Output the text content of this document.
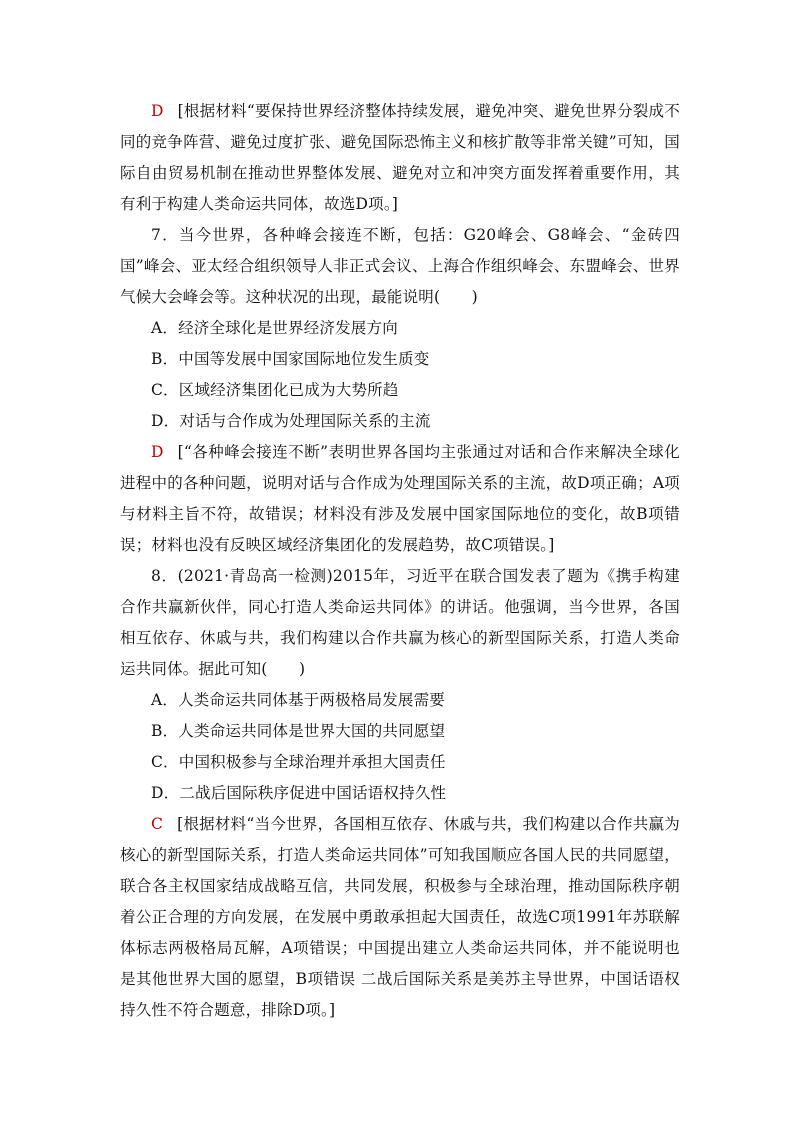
D [根据材料“要保持世界经济整体持续发展，避免冲突、避免世界分裂成不同的竞争阵营、避免过度扩张、避免国际恐怖主义和核扩散等非常关键”可知，国际自由贸易机制在推动世界整体发展、避免对立和冲突方面发挥着重要作用，其有利于构建人类命运共同体，故选D项。]

7．当今世界，各种峰会接连不断，包括：G20峰会、G8峰会、“金砖四国”峰会、亚太经合组织领导人非正式会议、上海合作组织峰会、东盟峰会、世界气候大会峰会等。这种状况的出现，最能说明(　　)

A．经济全球化是世界经济发展方向

B．中国等发展中国家国际地位发生质变

C．区域经济集团化已成为大势所趋

D．对话与合作成为处理国际关系的主流

D [“各种峰会接连不断”表明世界各国均主张通过对话和合作来解决全球化进程中的各种问题，说明对话与合作成为处理国际关系的主流，故D项正确；A项与材料主旨不符，故错误；材料没有涉及发展中国家国际地位的变化，故B项错误；材料也没有反映区域经济集团化的发展趋势，故C项错误。]

8．(2021·青岛高一检测)2015年，习近平在联合国发表了题为《携手构建合作共赢新伙伴，同心打造人类命运共同体》的讲话。他强调，当今世界，各国相互依存、休戚与共，我们构建以合作共赢为核心的新型国际关系，打造人类命运共同体。据此可知(　　)

A．人类命运共同体基于两极格局发展需要

B．人类命运共同体是世界大国的共同愿望

C．中国积极参与全球治理并承担大国责任

D．二战后国际秩序促进中国话语权持久性

C [根据材料“当今世界，各国相互依存、休戚与共，我们构建以合作共赢为核心的新型国际关系，打造人类命运共同体”可知我国顺应各国人民的共同愿望，联合各主权国家结成战略互信，共同发展，积极参与全球治理，推动国际秩序朝着公正合理的方向发展，在发展中勇敢承担起大国责任，故选C项1991年苏联解体标志两极格局瓦解，A项错误；中国提出建立人类命运共同体，并不能说明也是其他世界大国的愿望，B项错误 二战后国际关系是美苏主导世界，中国话语权持久性不符合题意，排除D项。]
